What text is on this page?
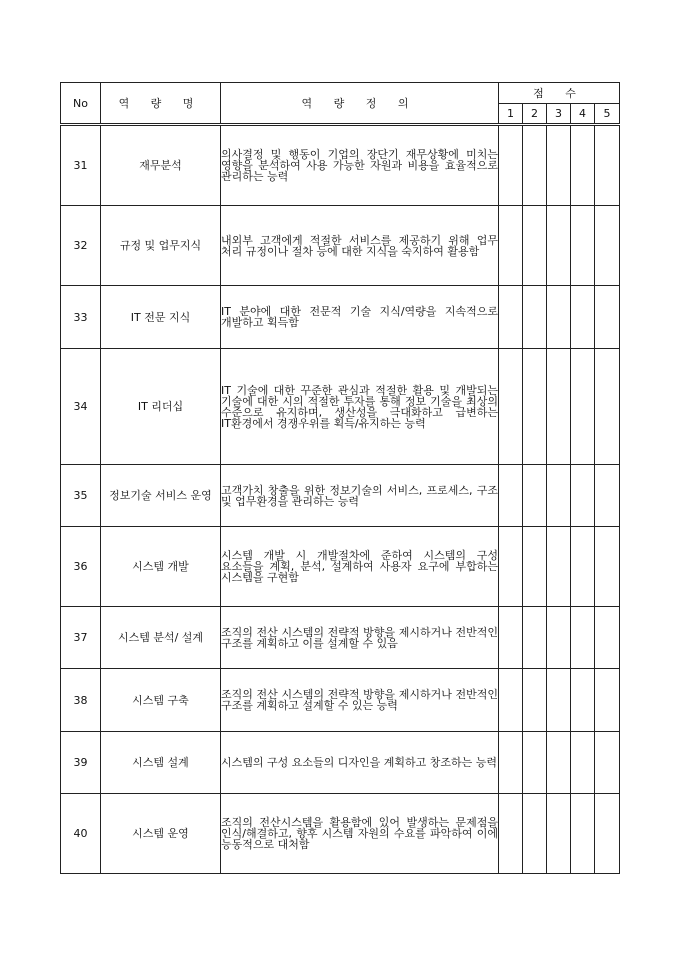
No	역 량 명	역 량 정 의	점 수				
			1	2	3	4	5
31	재무분석	의사결정 및 행동이 기업의 장단기 재무상황에 미치는 영향을 분석하여 사용 가능한 자원과 비용을 효율적으로 관리하는 능력					
32	규정 및 업무지식	내외부 고객에게 적절한 서비스를 제공하기 위해 업무 처리 규정이나 절차 등에 대한 지식을 숙지하여 활용함					
33	IT 전문 지식	IT 분야에 대한 전문적 기술 지식/역량을 지속적으로 개발하고 획득함					
34	IT 리더십	IT 기술에 대한 꾸준한 관심과 적절한 활용 및 개발되는 기술에 대한 시의 적절한 투자를 통해 정보 기술을 최상의 수준으로 유지하며, 생산성을 극대화하고 급변하는 IT환경에서 경쟁우위를 획득/유지하는 능력					
35	정보기술 서비스 운영	고객가치 창출을 위한 정보기술의 서비스, 프로세스, 구조 및 업무환경을 관리하는 능력					
36	시스템 개발	시스템 개발 시 개발절차에 준하여 시스템의 구성 요소들을 계획, 분석, 설계하여 사용자 요구에 부합하는 시스템을 구현함					
37	시스템 분석/ 설계	조직의 전산 시스템의 전략적 방향을 제시하거나 전반적인 구조를 계획하고 이를 설계할 수 있음					
38	시스템 구축	조직의 전산 시스템의 전략적 방향을 제시하거나 전반적인 구조를 계획하고 설계할 수 있는 능력					
39	시스템 설계	시스템의 구성 요소들의 디자인을 계획하고 창조하는 능력					
40	시스템 운영	조직의 전산시스템을 활용함에 있어 발생하는 문제점을 인식/해결하고, 향후 시스템 자원의 수요를 파악하여 이에 능동적으로 대처함					
